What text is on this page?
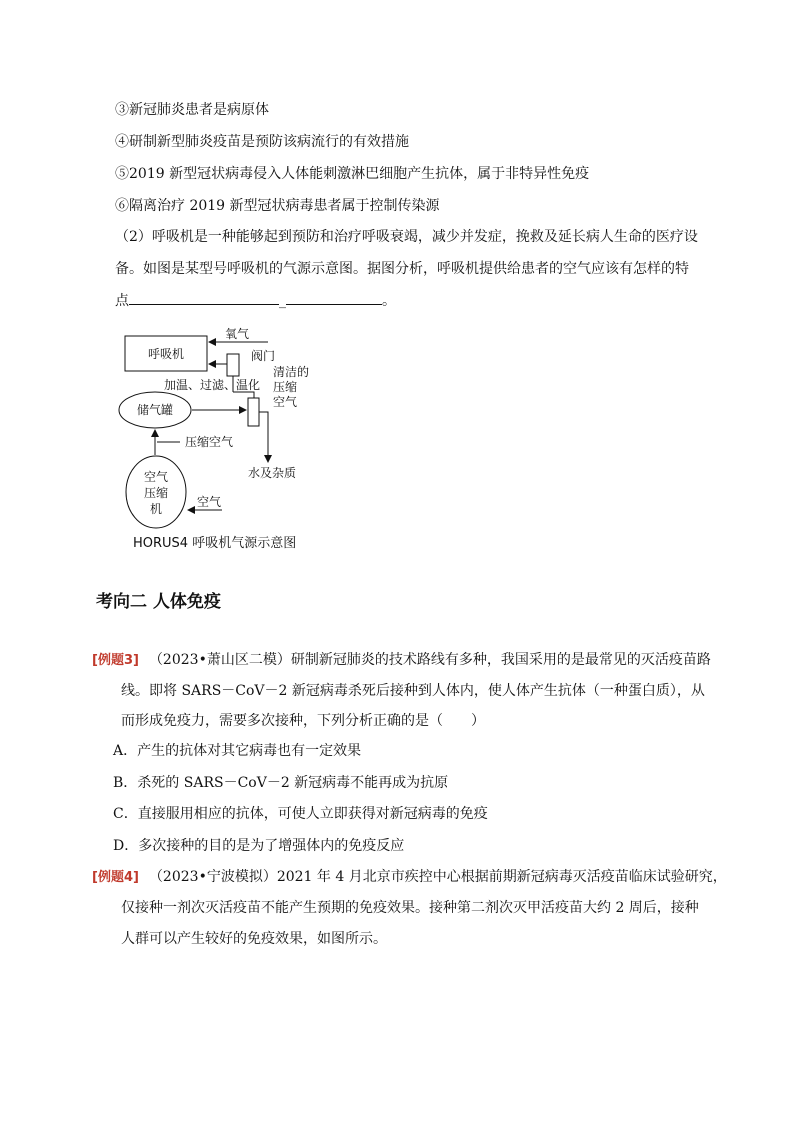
③新冠肺炎患者是病原体
④研制新型肺炎疫苗是预防该病流行的有效措施
⑤2019 新型冠状病毒侵入人体能刺激淋巴细胞产生抗体，属于非特异性免疫
⑥隔离治疗 2019 新型冠状病毒患者属于控制传染源
（2）呼吸机是一种能够起到预防和治疗呼吸衰竭，减少并发症，挽救及延长病人生命的医疗设
备。如图是某型号呼吸机的气源示意图。据图分析，呼吸机提供给患者的空气应该有怎样的特
点	_	。
呼吸机
氧气
阀门
清洁的
压缩
空气
加温、过滤、温化
储气罐
水及杂质
压缩空气
空气
压缩
机	空气
HORUS4 呼吸机气源示意图
考向二 人体免疫
[例题3] （2023•萧山区二模）研制新冠肺炎的技术路线有多种，我国采用的是最常见的灭活疫苗路
线。即将 SARS－CoV－2 新冠病毒杀死后接种到人体内，使人体产生抗体（一种蛋白质），从
而形成免疫力，需要多次接种，下列分析正确的是（　　）
A．产生的抗体对其它病毒也有一定效果
B．杀死的 SARS－CoV－2 新冠病毒不能再成为抗原
C．直接服用相应的抗体，可使人立即获得对新冠病毒的免疫
D．多次接种的目的是为了增强体内的免疫反应
[例题4] （2023•宁波模拟）2021 年 4 月北京市疾控中心根据前期新冠病毒灭活疫苗临床试验研究，
仅接种一剂次灭活疫苗不能产生预期的免疫效果。接种第二剂次灭甲活疫苗大约 2 周后，接种
人群可以产生较好的免疫效果，如图所示。
